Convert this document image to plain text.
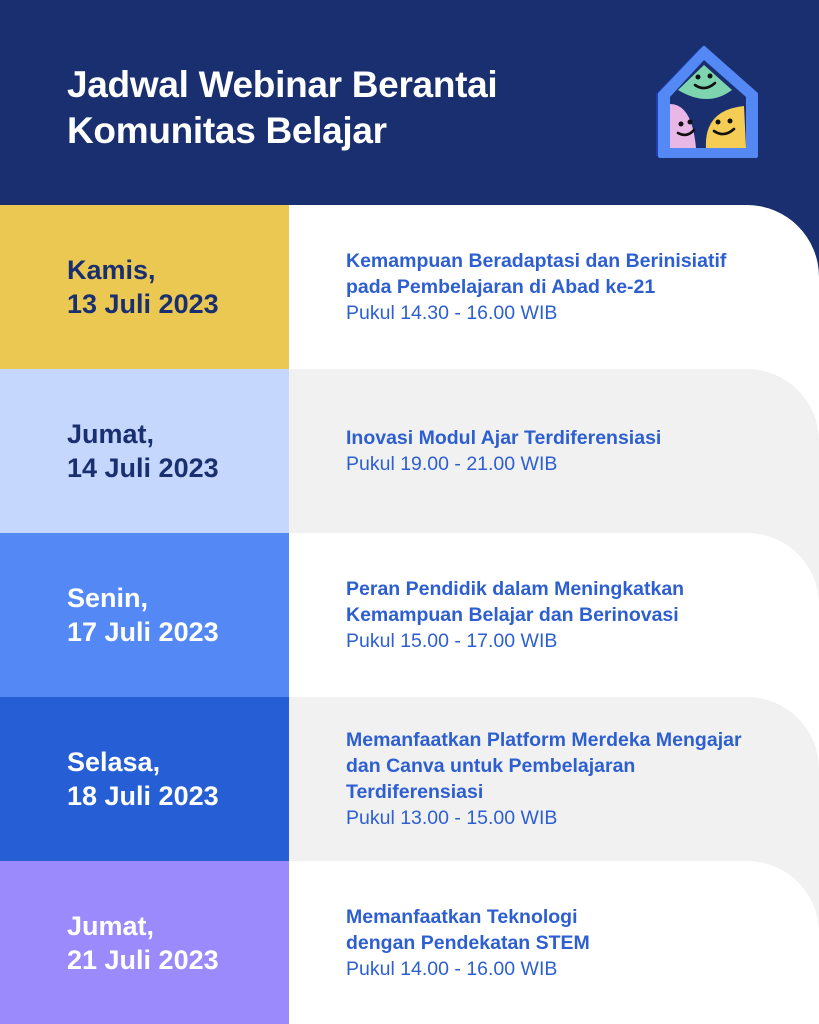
Jadwal Webinar Berantai
Komunitas Belajar
Kamis,
13 Juli 2023
Kemampuan Beradaptasi dan Berinisiatif
pada Pembelajaran di Abad ke-21
Pukul 14.30 - 16.00 WIB
Jumat,
14 Juli 2023
Inovasi Modul Ajar Terdiferensiasi
Pukul 19.00 - 21.00 WIB
Senin,
17 Juli 2023
Peran Pendidik dalam Meningkatkan
Kemampuan Belajar dan Berinovasi
Pukul 15.00 - 17.00 WIB
Selasa,
18 Juli 2023
Memanfaatkan Platform Merdeka Mengajar
dan Canva untuk Pembelajaran
Terdiferensiasi
Pukul 13.00 - 15.00 WIB
Jumat,
21 Juli 2023
Memanfaatkan Teknologi
dengan Pendekatan STEM
Pukul 14.00 - 16.00 WIB
